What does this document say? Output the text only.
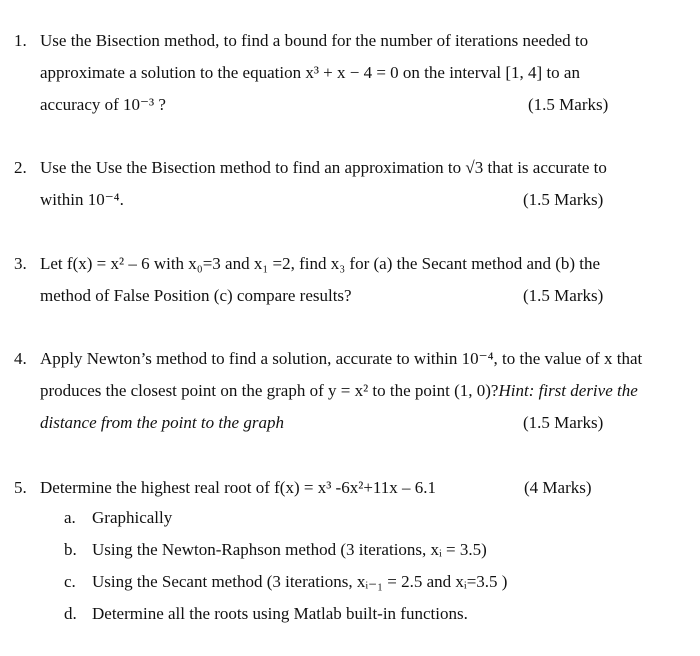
1. Use the Bisection method, to find a bound for the number of iterations needed to
approximate a solution to the equation x³ + x − 4 = 0 on the interval [1, 4] to an
accuracy of 10⁻³ ?	(1.5 Marks)
2. Use the Use the Bisection method to find an approximation to √3 that is accurate to
within 10⁻⁴.	(1.5 Marks)
3. Let f(x) = x² – 6 with x₀=3 and x₁ =2, find x₃ for (a) the Secant method and (b) the
method of False Position (c) compare results?	(1.5 Marks)
4. Apply Newton’s method to find a solution, accurate to within 10⁻⁴, to the value of x that
produces the closest point on the graph of y = x² to the point (1, 0)?Hint: first derive the
distance from the point to the graph	(1.5 Marks)
5. Determine the highest real root of f(x) = x³ -6x²+11x – 6.1	(4 Marks)
a. Graphically
b. Using the Newton-Raphson method (3 iterations, xᵢ = 3.5)
c. Using the Secant method (3 iterations, xᵢ₋₁ = 2.5 and xᵢ=3.5 )
d. Determine all the roots using Matlab built-in functions.
